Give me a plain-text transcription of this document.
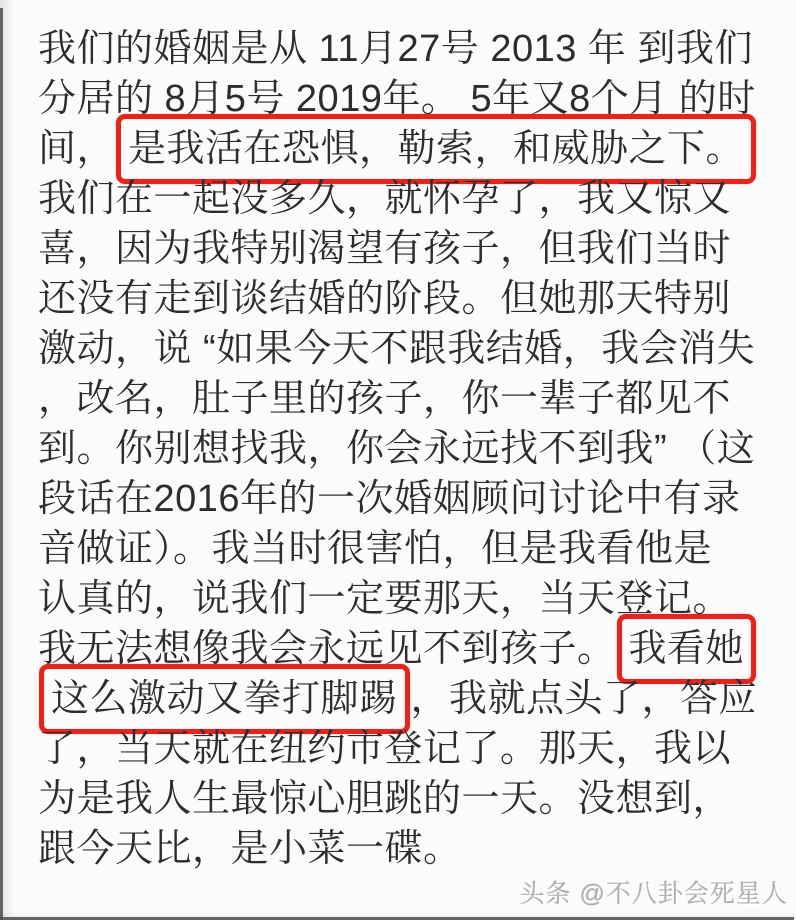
我们的婚姻是从 11月27号 2013 年 到我们
分居的 8月5号 2019年。 5年又8个月 的时
间， 是我活在恐惧，勒索，和威胁之下。
我们在一起没多久，就怀孕了，我又惊又
喜，因为我特别渴望有孩子，但我们当时
还没有走到谈结婚的阶段。但她那天特别
激动，说 “如果今天不跟我结婚，我会消失
，改名，肚子里的孩子，你一辈子都见不
到。你别想找我，你会永远找不到我” （这
段话在2016年的一次婚姻顾问讨论中有录
音做证）。我当时很害怕，但是我看他是
认真的，说我们一定要那天，当天登记。
我无法想像我会永远见不到孩子。 我看她
这么激动又拳打脚踢 ，我就点头了，答应
了，当天就在纽约市登记了。那天，我以
为是我人生最惊心胆跳的一天。没想到，
跟今天比，是小菜一碟。
头条 @不八卦会死星人
